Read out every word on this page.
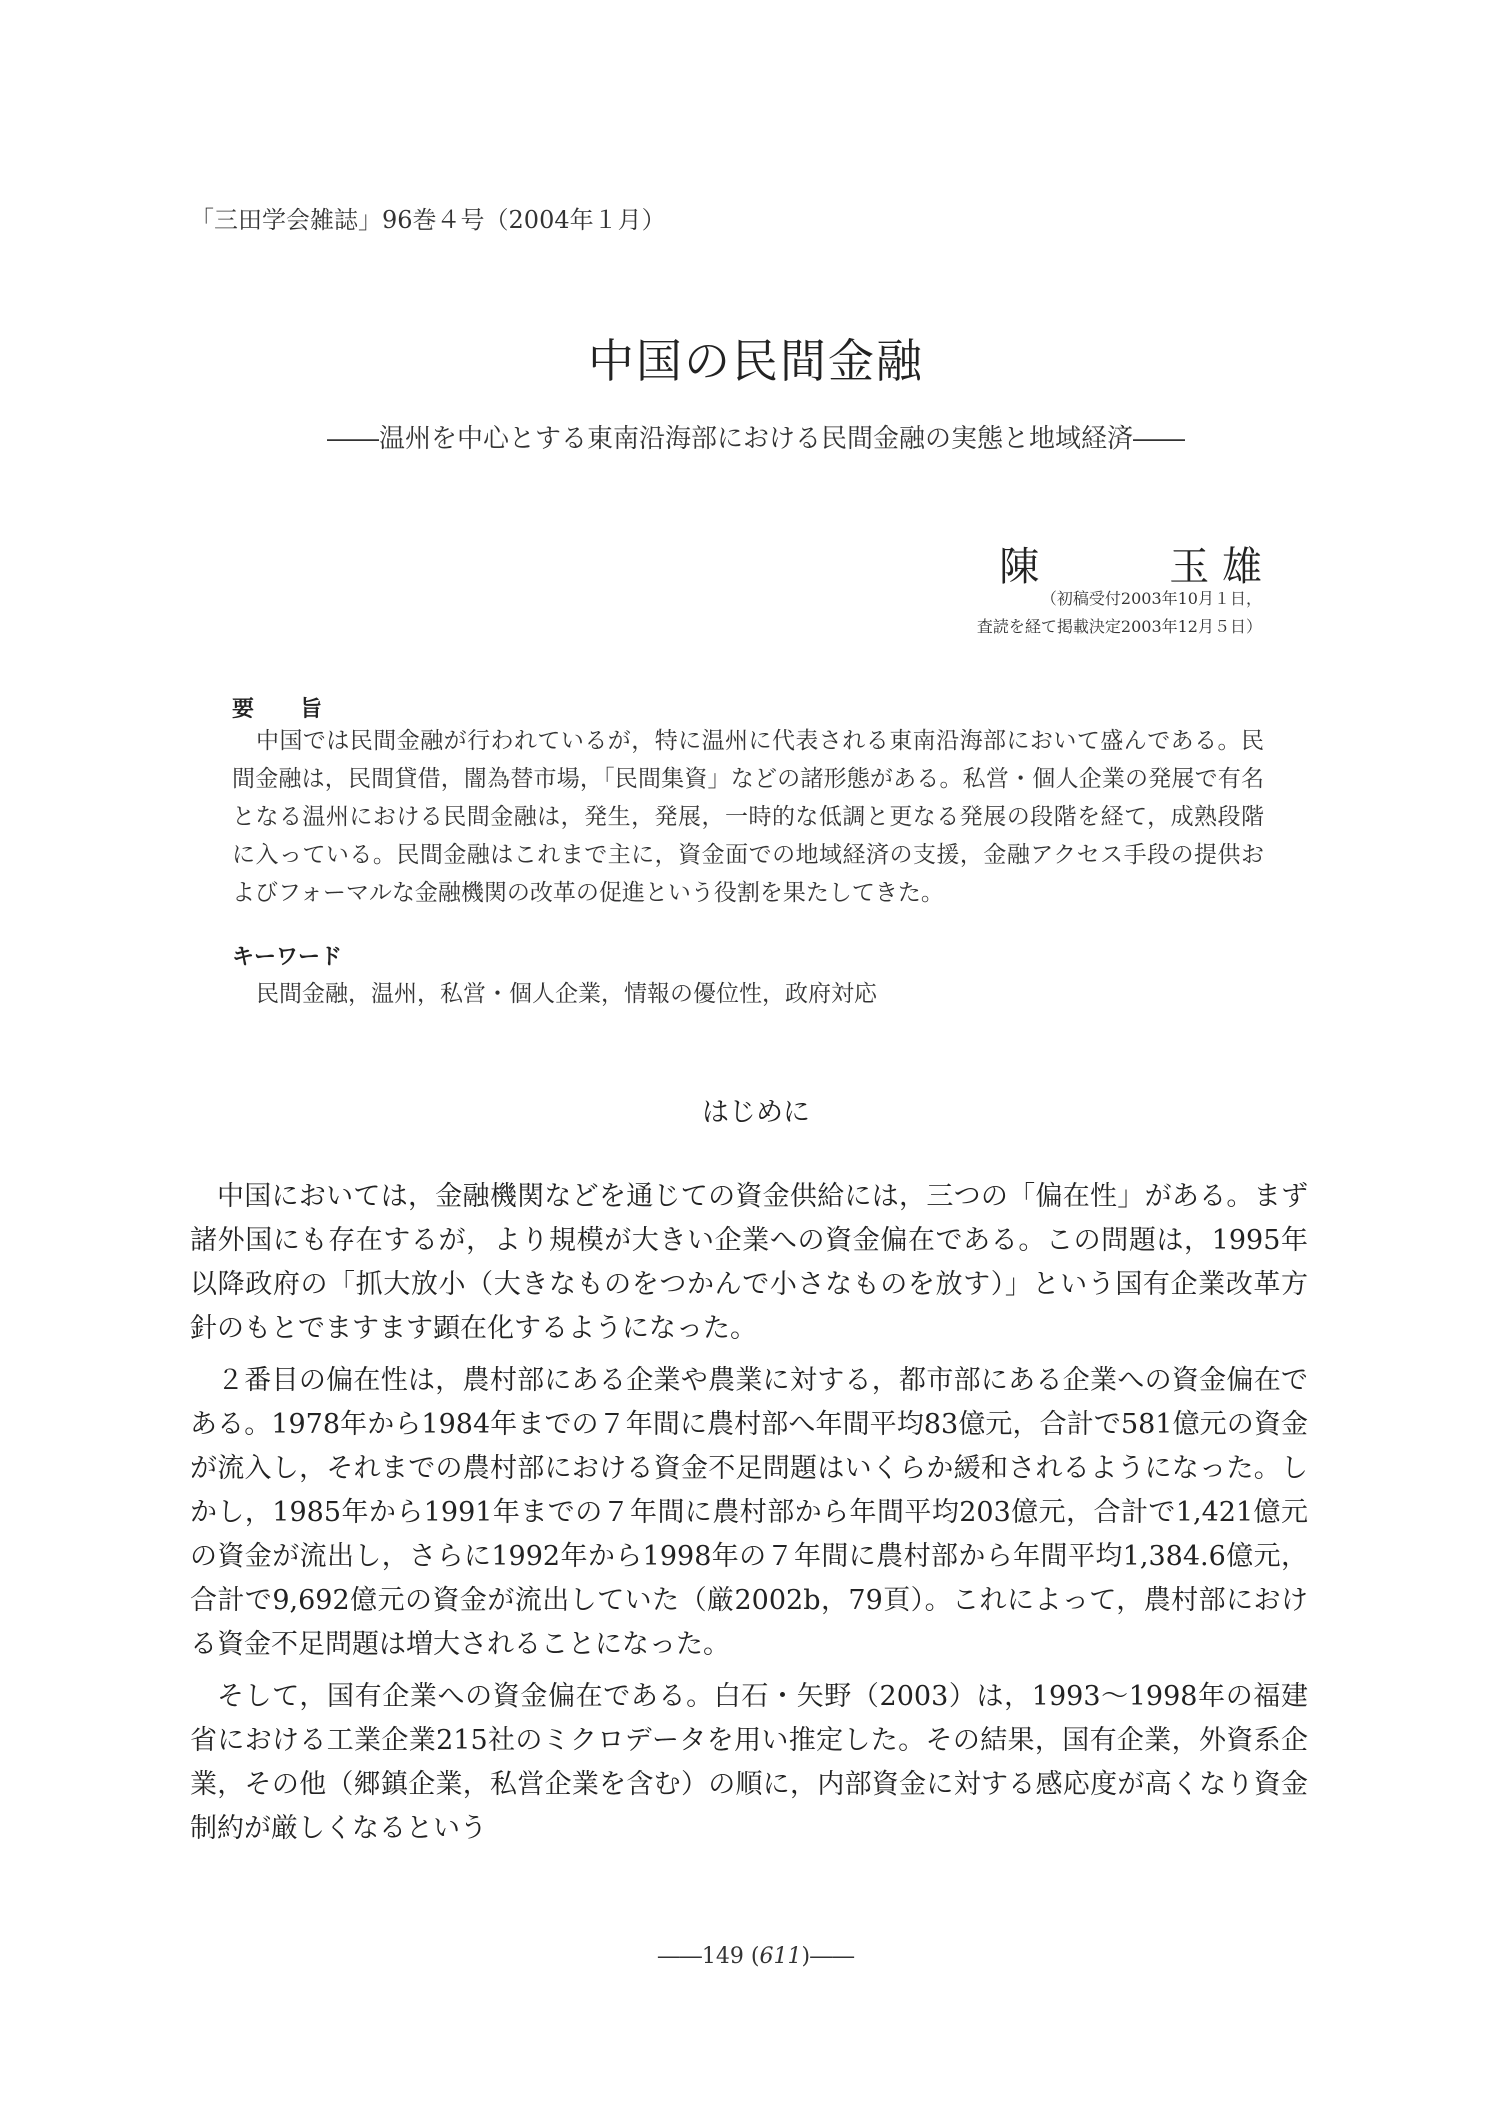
「三田学会雑誌」96巻４号（2004年１月）
中国の民間金融
――温州を中心とする東南沿海部における民間金融の実態と地域経済――
陳	玉 雄
（初稿受付2003年10月１日，
査読を経て掲載決定2003年12月５日）
要旨
中国では民間金融が行われているが，特に温州に代表される東南沿海部において盛んである。民間金融は，民間貸借，闇為替市場，「民間集資」などの諸形態がある。私営・個人企業の発展で有名となる温州における民間金融は，発生，発展，一時的な低調と更なる発展の段階を経て，成熟段階に入っている。民間金融はこれまで主に，資金面での地域経済の支援，金融アクセス手段の提供およびフォーマルな金融機関の改革の促進という役割を果たしてきた。
キーワード
民間金融，温州，私営・個人企業，情報の優位性，政府対応
はじめに

中国においては，金融機関などを通じての資金供給には，三つの「偏在性」がある。まず諸外国にも存在するが，より規模が大きい企業への資金偏在である。この問題は，1995年以降政府の「抓大放小（大きなものをつかんで小さなものを放す）」という国有企業改革方針のもとでますます顕在化するようになった。

２番目の偏在性は，農村部にある企業や農業に対する，都市部にある企業への資金偏在である。1978年から1984年までの７年間に農村部へ年間平均83億元，合計で581億元の資金が流入し，それまでの農村部における資金不足問題はいくらか緩和されるようになった。しかし，1985年から1991年までの７年間に農村部から年間平均203億元，合計で1,421億元の資金が流出し，さらに1992年から1998年の７年間に農村部から年間平均1,384.6億元，合計で9,692億元の資金が流出していた（厳2002b，79頁）。これによって，農村部における資金不足問題は増大されることになった。

そして，国有企業への資金偏在である。白石・矢野（2003）は，1993～1998年の福建省における工業企業215社のミクロデータを用い推定した。その結果，国有企業，外資系企業，その他（郷鎮企業，私営企業を含む）の順に，内部資金に対する感応度が高くなり資金制約が厳しくなるという

――149 (611)――
